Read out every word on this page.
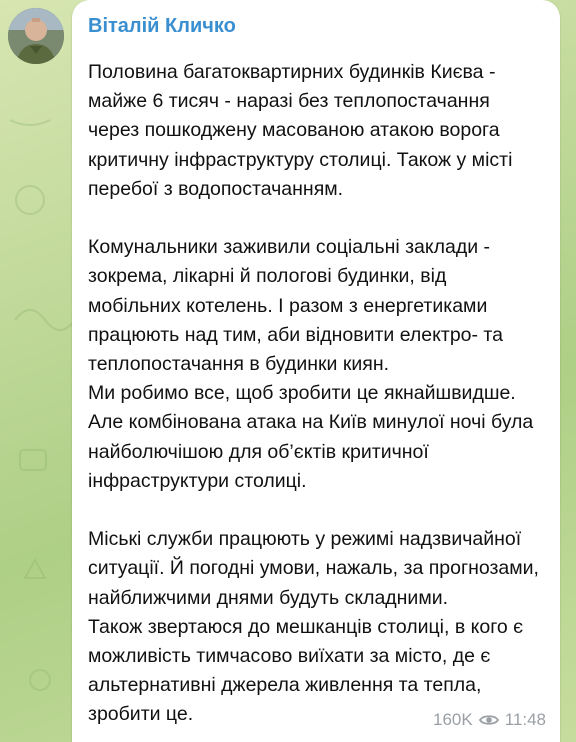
Віталій Кличко

Половина багатоквартирних будинків Києва -
майже 6 тисяч - наразі без теплопостачання
через пошкоджену масованою атакою ворога
критичну інфраструктуру столиці. Також у місті
перебої з водопостачанням.

Комунальники заживили соціальні заклади -
зокрема, лікарні й пологові будинки, від
мобільних котелень. І разом з енергетиками
працюють над тим, аби відновити електро- та
теплопостачання в будинки киян.
Ми робимо все, щоб зробити це якнайшвидше.
Але комбінована атака на Київ минулої ночі була
найболючішою для об’єктів критичної
інфраструктури столиці.

Міські служби працюють у режимі надзвичайної
ситуації. Й погодні умови, нажаль, за прогнозами,
найближчими днями будуть складними.
Також звертаюся до мешканців столиці, в кого є
можливість тимчасово виїхати за місто, де є
альтернативні джерела живлення та тепла,
зробити це.	160K 11:48
